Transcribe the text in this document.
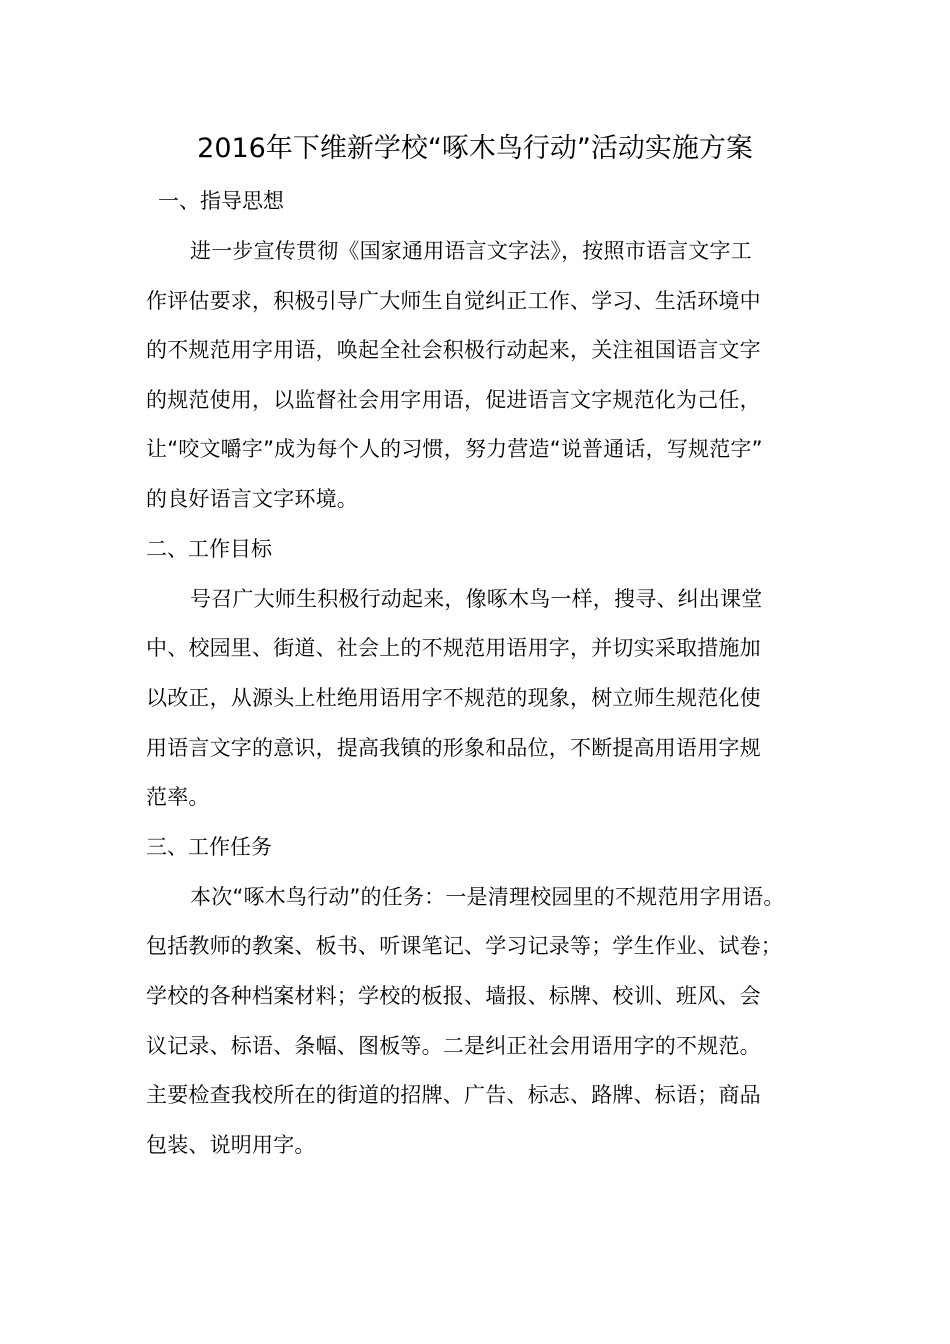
2016年下维新学校“啄木鸟行动”活动实施方案
一、指导思想
进一步宣传贯彻《国家通用语言文字法》，按照市语言文字工
作评估要求，积极引导广大师生自觉纠正工作、学习、生活环境中
的不规范用字用语，唤起全社会积极行动起来，关注祖国语言文字
的规范使用，以监督社会用字用语，促进语言文字规范化为己任，
让“咬文嚼字”成为每个人的习惯，努力营造“说普通话，写规范字”
的良好语言文字环境。
二、工作目标
号召广大师生积极行动起来，像啄木鸟一样，搜寻、纠出课堂
中、校园里、街道、社会上的不规范用语用字，并切实采取措施加
以改正，从源头上杜绝用语用字不规范的现象，树立师生规范化使
用语言文字的意识，提高我镇的形象和品位，不断提高用语用字规
范率。
三、工作任务
本次“啄木鸟行动”的任务：一是清理校园里的不规范用字用语。
包括教师的教案、板书、听课笔记、学习记录等；学生作业、试卷；
学校的各种档案材料；学校的板报、墙报、标牌、校训、班风、会
议记录、标语、条幅、图板等。二是纠正社会用语用字的不规范。
主要检查我校所在的街道的招牌、广告、标志、路牌、标语；商品
包装、说明用字。
